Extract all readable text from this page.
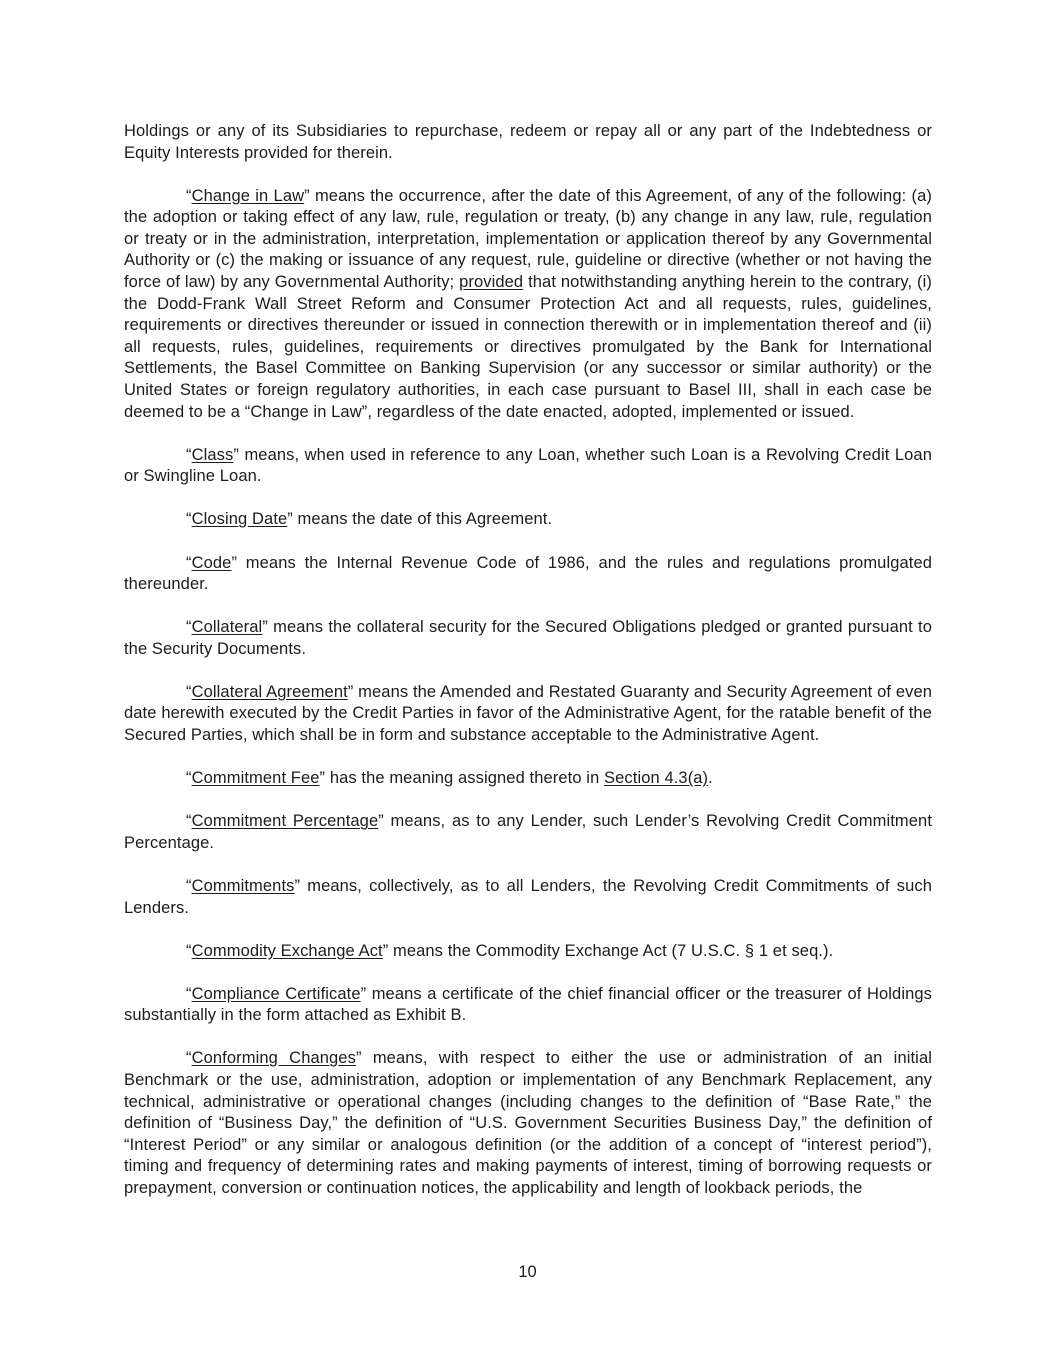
Holdings or any of its Subsidiaries to repurchase, redeem or repay all or any part of the Indebtedness or Equity Interests provided for therein.

“Change in Law” means the occurrence, after the date of this Agreement, of any of the following: (a) the adoption or taking effect of any law, rule, regulation or treaty, (b) any change in any law, rule, regulation or treaty or in the administration, interpretation, implementation or application thereof by any Governmental Authority or (c) the making or issuance of any request, rule, guideline or directive (whether or not having the force of law) by any Governmental Authority; provided that notwithstanding anything herein to the contrary, (i) the Dodd-Frank Wall Street Reform and Consumer Protection Act and all requests, rules, guidelines, requirements or directives thereunder or issued in connection therewith or in implementation thereof and (ii) all requests, rules, guidelines, requirements or directives promulgated by the Bank for International Settlements, the Basel Committee on Banking Supervision (or any successor or similar authority) or the United States or foreign regulatory authorities, in each case pursuant to Basel III, shall in each case be deemed to be a “Change in Law”, regardless of the date enacted, adopted, implemented or issued.

“Class” means, when used in reference to any Loan, whether such Loan is a Revolving Credit Loan or Swingline Loan.

“Closing Date” means the date of this Agreement.

“Code” means the Internal Revenue Code of 1986, and the rules and regulations promulgated thereunder.

“Collateral” means the collateral security for the Secured Obligations pledged or granted pursuant to the Security Documents.

“Collateral Agreement” means the Amended and Restated Guaranty and Security Agreement of even date herewith executed by the Credit Parties in favor of the Administrative Agent, for the ratable benefit of the Secured Parties, which shall be in form and substance acceptable to the Administrative Agent.

“Commitment Fee” has the meaning assigned thereto in Section 4.3(a).

“Commitment Percentage” means, as to any Lender, such Lender’s Revolving Credit Commitment Percentage.

“Commitments” means, collectively, as to all Lenders, the Revolving Credit Commitments of such Lenders.

“Commodity Exchange Act” means the Commodity Exchange Act (7 U.S.C. § 1 et seq.).

“Compliance Certificate” means a certificate of the chief financial officer or the treasurer of Holdings substantially in the form attached as Exhibit B.

“Conforming Changes” means, with respect to either the use or administration of an initial Benchmark or the use, administration, adoption or implementation of any Benchmark Replacement, any technical, administrative or operational changes (including changes to the definition of “Base Rate,” the definition of “Business Day,” the definition of “U.S. Government Securities Business Day,” the definition of “Interest Period” or any similar or analogous definition (or the addition of a concept of “interest period”), timing and frequency of determining rates and making payments of interest, timing of borrowing requests or prepayment, conversion or continuation notices, the applicability and length of lookback periods, the

10
